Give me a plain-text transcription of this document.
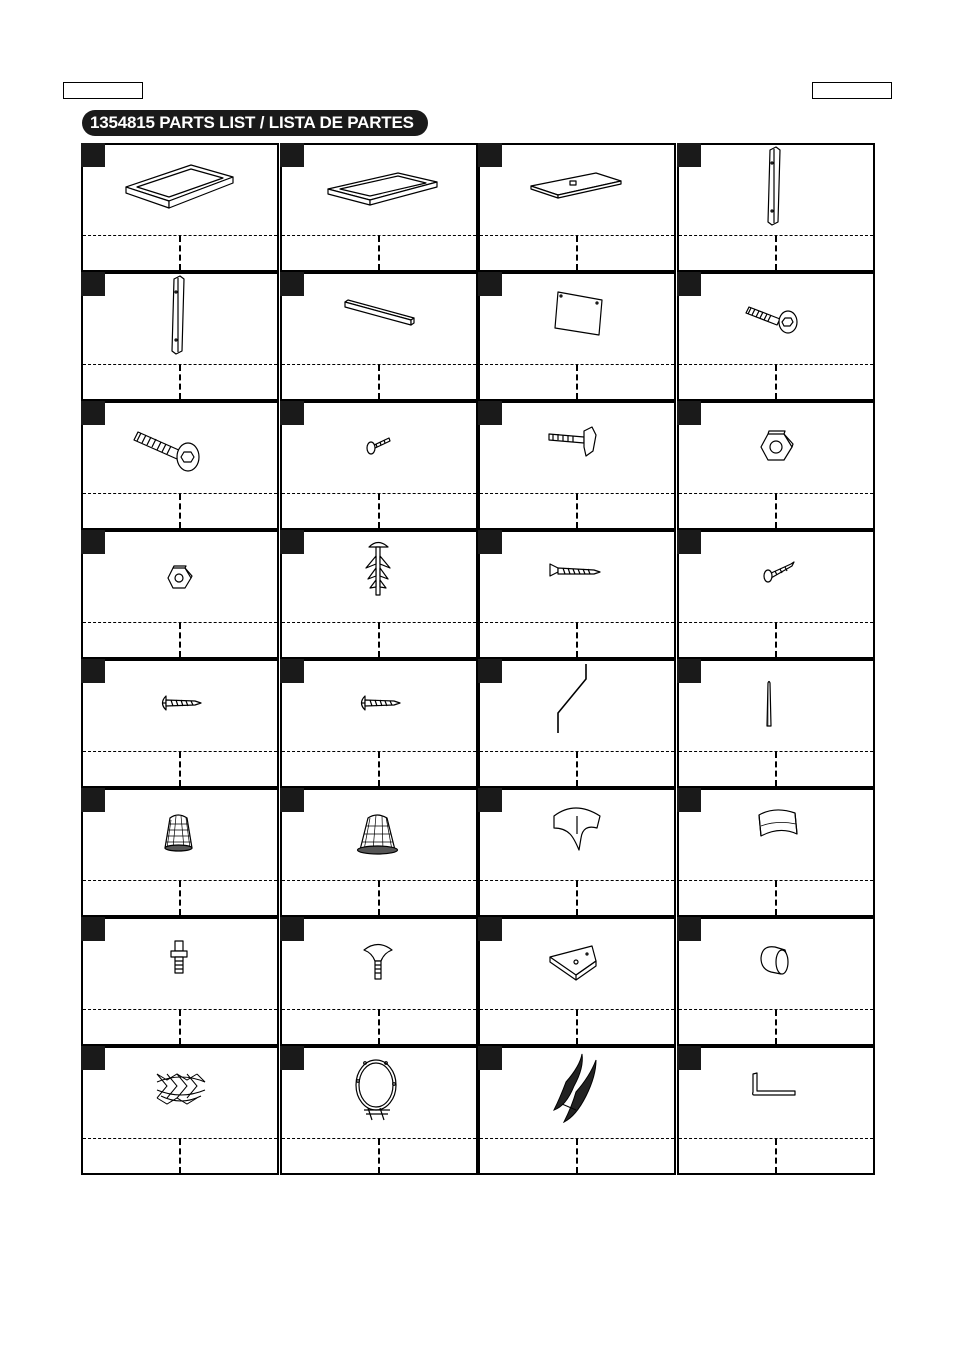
1354815 PARTS LIST / LISTA DE PARTES
